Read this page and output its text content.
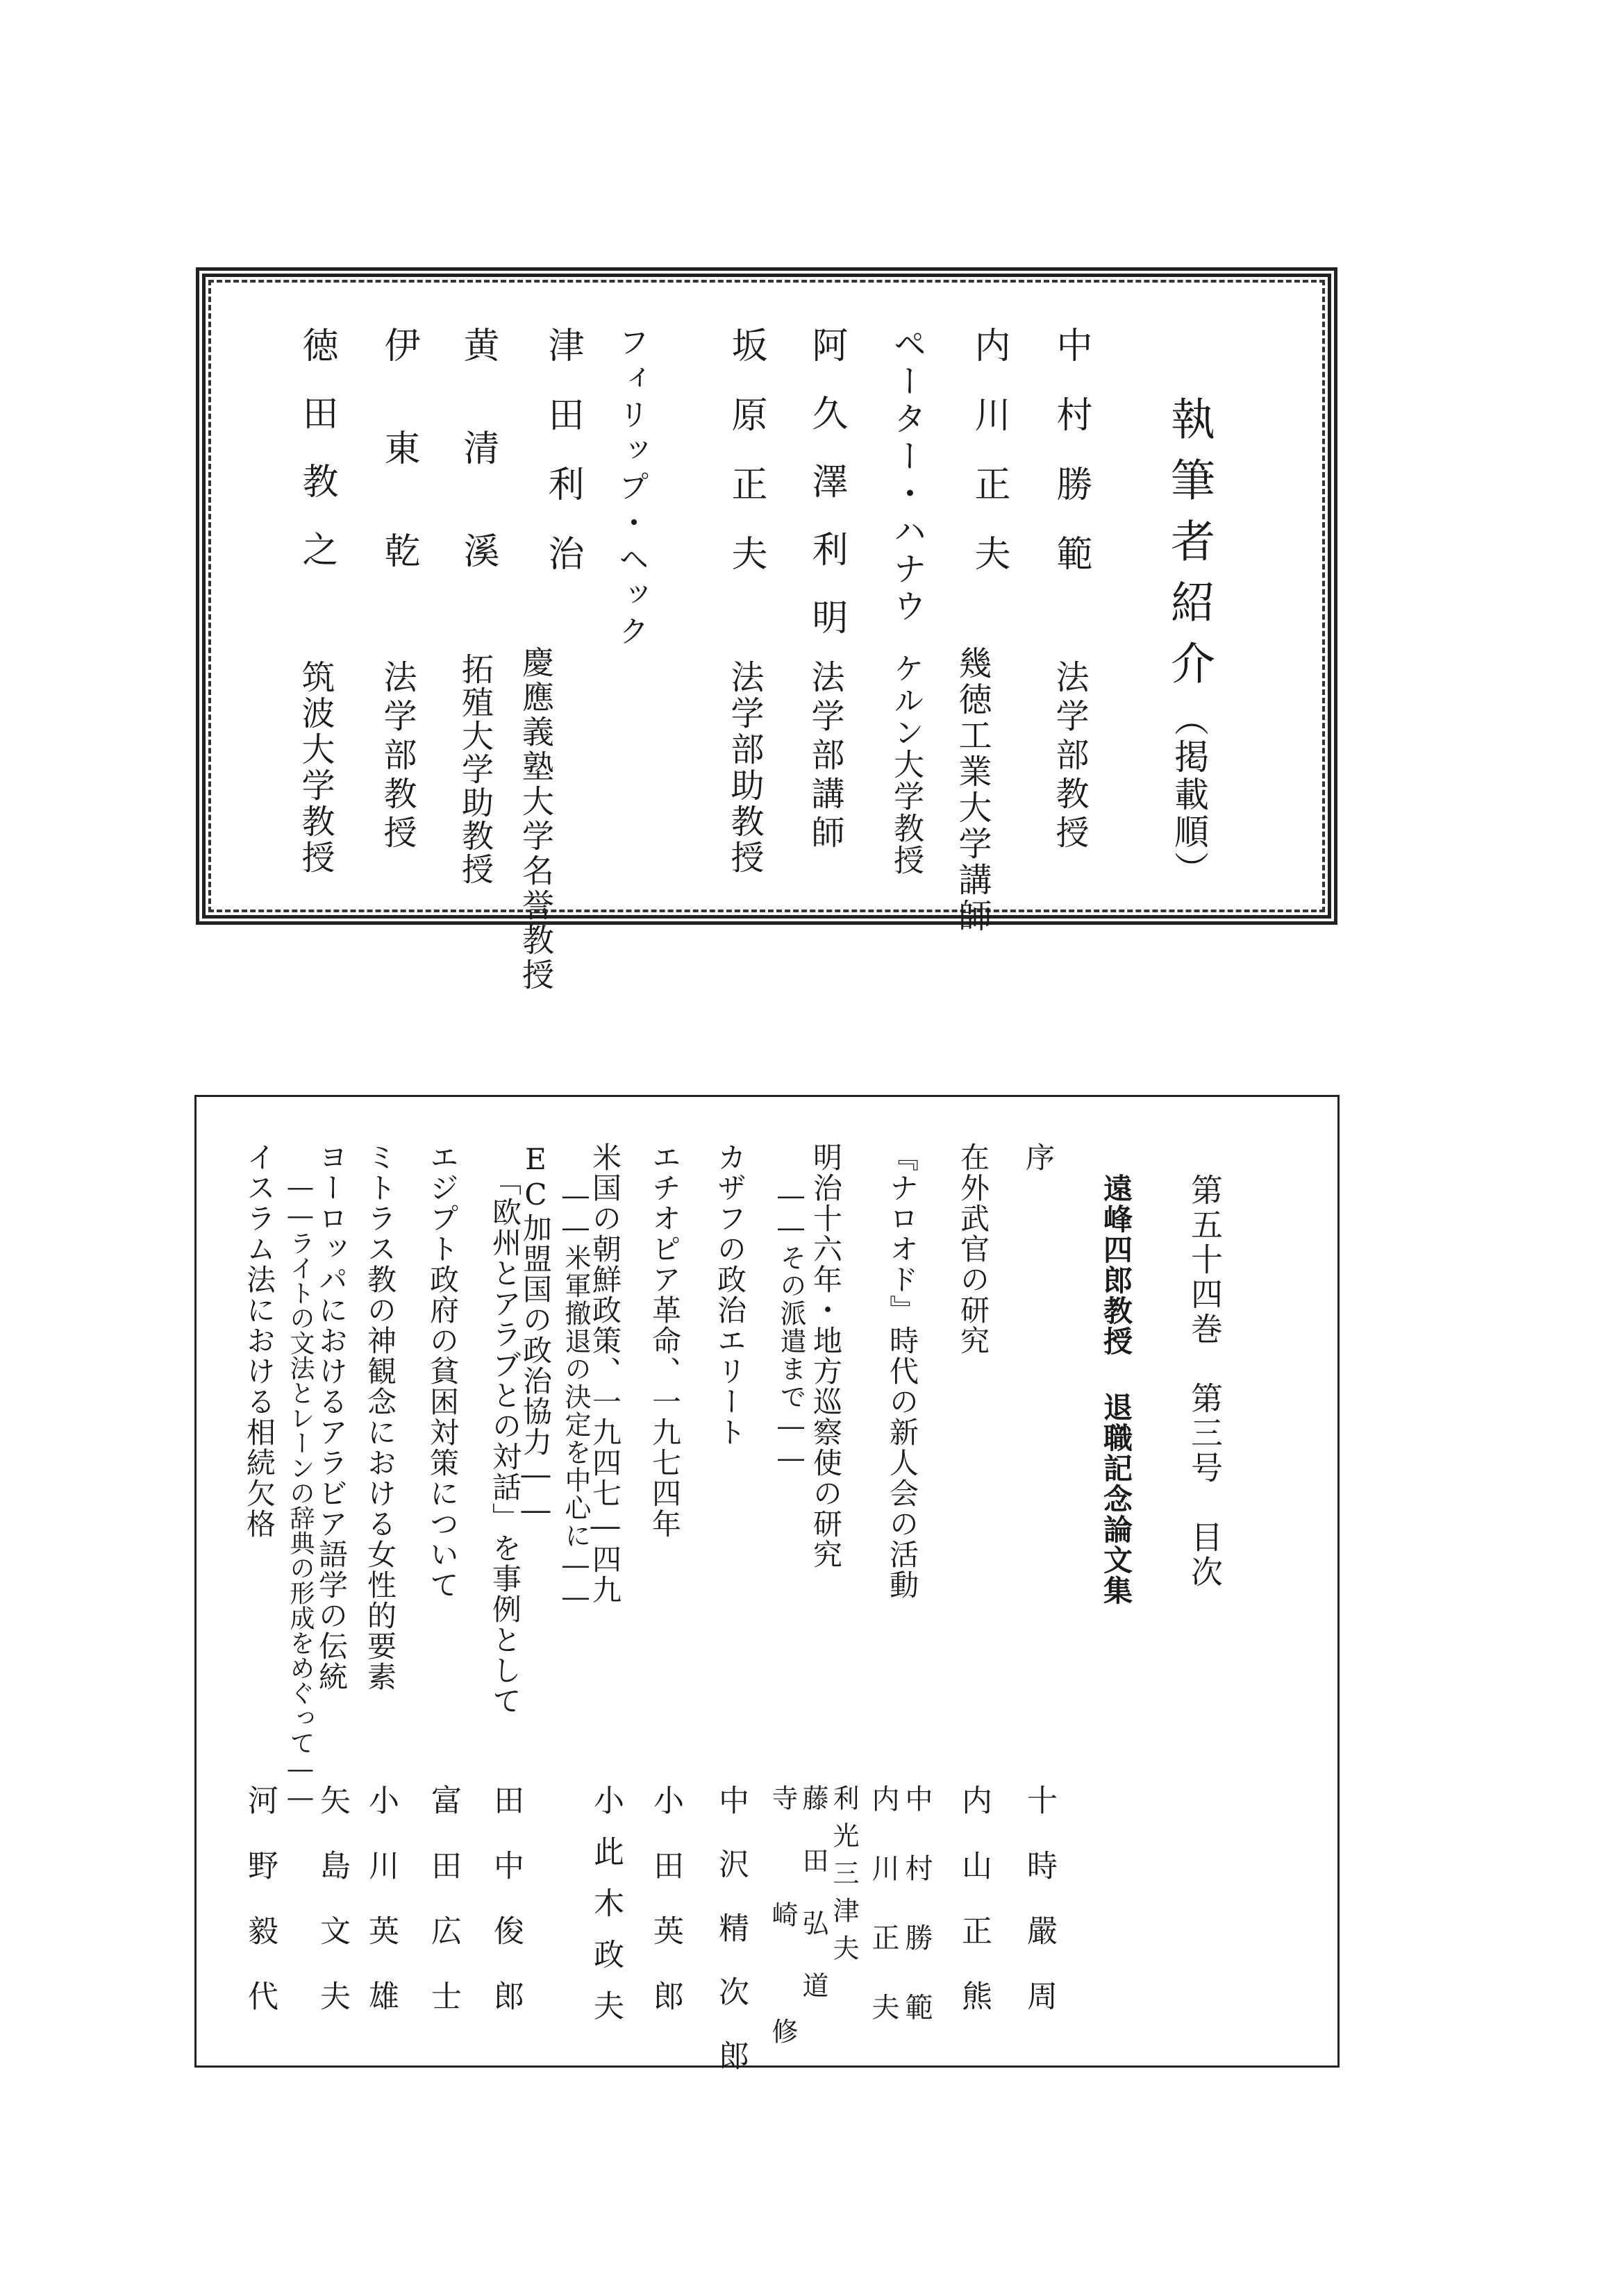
執筆者紹介（掲載順）
中村勝範
法学部教授
内川正夫
幾徳工業大学講師
ペーター・ハナウ
ケルン大学教授
阿久澤利明
法学部講師
坂原正夫
法学部助教授
フィリップ・ヘック
津田利治
慶應義塾大学名誉教授
黄清溪
拓殖大学助教授
伊東乾
法学部教授
徳田教之
筑波大学教授
第五十四巻　第三号　目次
遠峰四郎教授 退職記念論文集
序
十時嚴周
在外武官の研究
内山正熊
『ナロオド』時代の新人会の活動
中村勝範
内川正夫
明治十六年・地方巡察使の研究
――その派遣まで――
利光三津夫
藤田弘道
寺崎修
カザフの政治エリート
中沢精次郎
エチオピア革命、一九七四年
小田英郎
米国の朝鮮政策、一九四七―四九
――米軍撤退の決定を中心に――
小此木政夫
EC加盟国の政治協力――
「欧州とアラブとの対話」を事例として
田中俊郎
エジプト政府の貧困対策について
富田広士
ミトラス教の神観念における女性的要素
小川英雄
ヨーロッパにおけるアラビア語学の伝統
――ライトの文法とレーンの辞典の形成をめぐって――
矢島文夫
イスラム法における相続欠格
河野毅代
